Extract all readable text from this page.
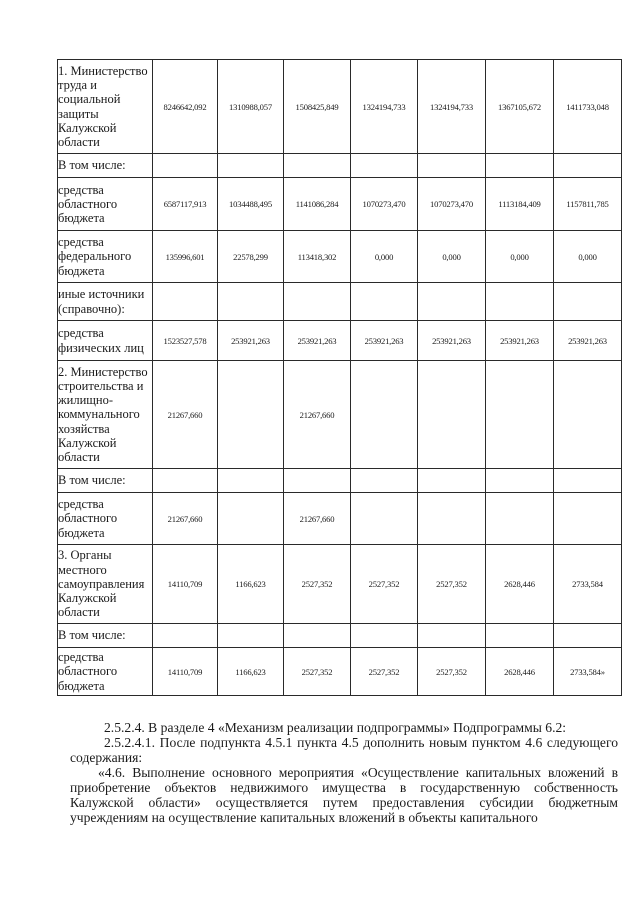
1. Министерство труда и социальной защиты Калужской области	8246642,092	1310988,057	1508425,849	1324194,733	1324194,733	1367105,672	1411733,048
В том числе:							
средства областного бюджета	6587117,913	1034488,495	1141086,284	1070273,470	1070273,470	1113184,409	1157811,785
средства федерального бюджета	135996,601	22578,299	113418,302	0,000	0,000	0,000	0,000
иные источники (справочно):							
средства физических лиц	1523527,578	253921,263	253921,263	253921,263	253921,263	253921,263	253921,263
2. Министерство строительства и жилищно-коммунального хозяйства Калужской области	21267,660		21267,660				
В том числе:							
средства областного бюджета	21267,660		21267,660				
3. Органы местного самоуправления Калужской области	14110,709	1166,623	2527,352	2527,352	2527,352	2628,446	2733,584
В том числе:							
средства областного бюджета	14110,709	1166,623	2527,352	2527,352	2527,352	2628,446	2733,584»

2.5.2.4. В разделе 4 «Механизм реализации подпрограммы» Подпрограммы 6.2:

2.5.2.4.1. После подпункта 4.5.1 пункта 4.5 дополнить новым пунктом 4.6 следующего содержания:

«4.6. Выполнение основного мероприятия «Осуществление капитальных вложений в приобретение объектов недвижимого имущества в государственную собственность Калужской области» осуществляется путем предоставления субсидии бюджетным учреждениям на осуществление капитальных вложений в объекты капитального
